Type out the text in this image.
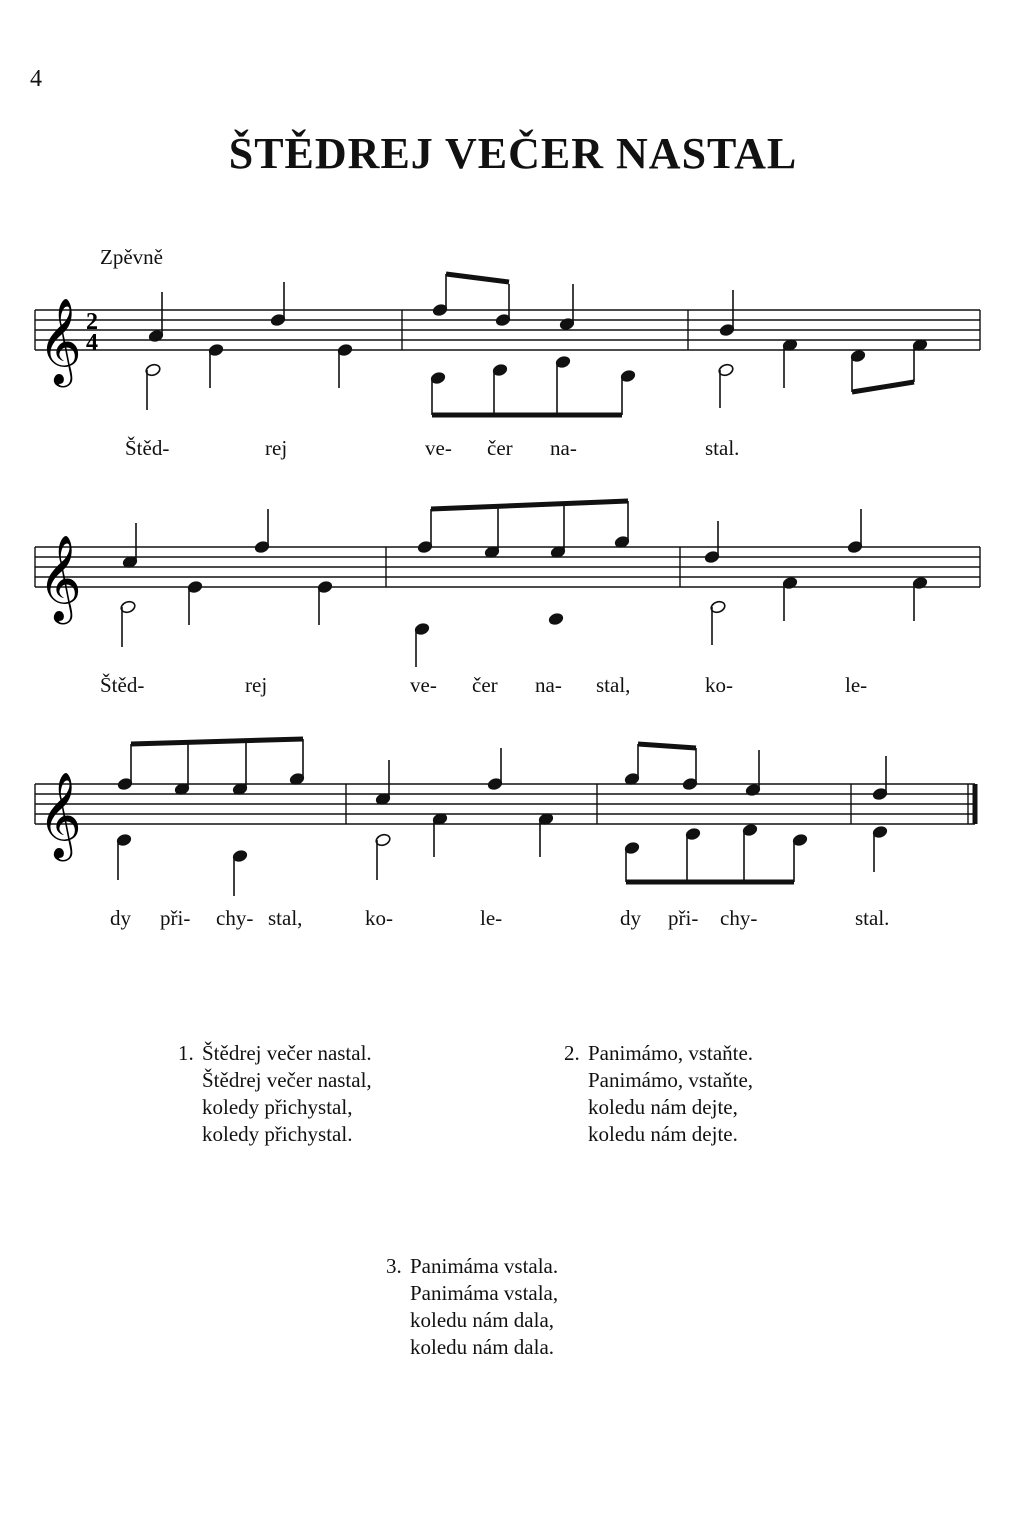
4
ŠTĚDREJ VEČER NASTAL
Zpěvně
𝄞 2
4
Štěd-	rej	ve- čer na-	stal.
𝄞
Štěd-	rej	ve- čer na- stal,	ko-	le-
𝄞
dy při- chy- stal,	ko-	le-	dy při- chy-	stal.
1. Štědrej večer nastal.
Štědrej večer nastal,
koledy přichystal,
koledy přichystal.
2. Panimámo, vstaňte.
Panimámo, vstaňte,
koledu nám dejte,
koledu nám dejte.
3. Panimáma vstala.
Panimáma vstala,
koledu nám dala,
koledu nám dala.
